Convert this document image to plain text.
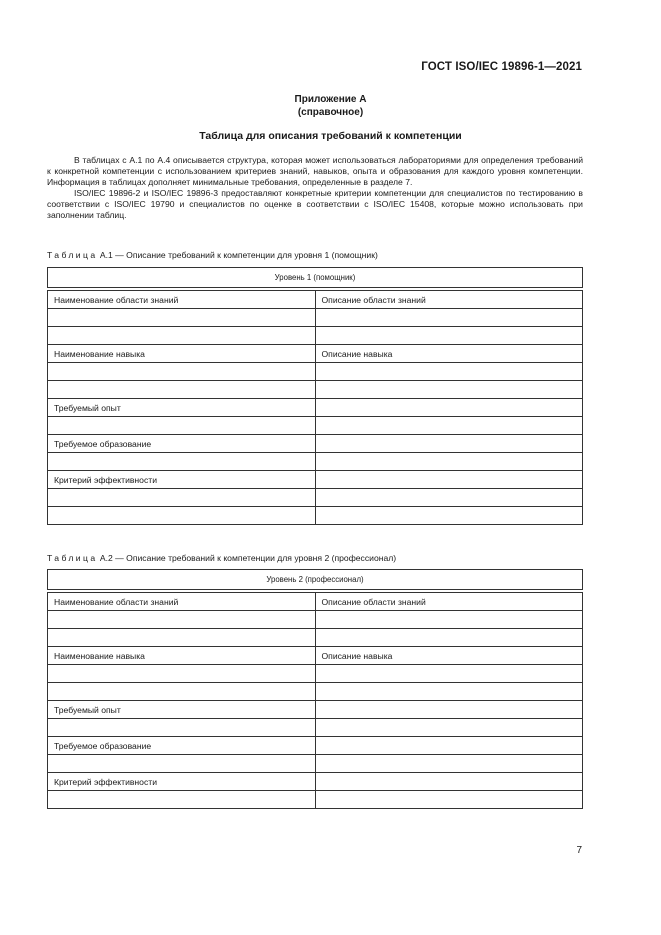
ГОСТ ISO/IEC 19896-1—2021
Приложение А
(справочное)
Таблица для описания требований к компетенции

В таблицах с А.1 по А.4 описывается структура, которая может использоваться лабораториями для определения требований к конкретной компетенции с использованием критериев знаний, навыков, опыта и образования для каждого уровня компетенции. Информация в таблицах дополняет минимальные требования, определенные в разделе 7.

ISO/IEC 19896-2 и ISO/IEC 19896-3 предоставляют конкретные критерии компетенции для специалистов по тестированию в соответствии с ISO/IEC 19790 и специалистов по оценке в соответствии с ISO/IEC 15408, которые можно использовать при заполнении таблиц.

Таблица А.1 — Описание требований к компетенции для уровня 1 (помощник)
Уровень 1 (помощник)	

Наименование области знаний	Описание области знаний

Наименование навыка	Описание навыка

Требуемый опыт	

Требуемое образование	

Критерий эффективности	

Таблица А.2 — Описание требований к компетенции для уровня 2 (профессионал)
Уровень 2 (профессионал)	

Наименование области знаний	Описание области знаний

Наименование навыка	Описание навыка

Требуемый опыт	

Требуемое образование	

Критерий эффективности	

7
